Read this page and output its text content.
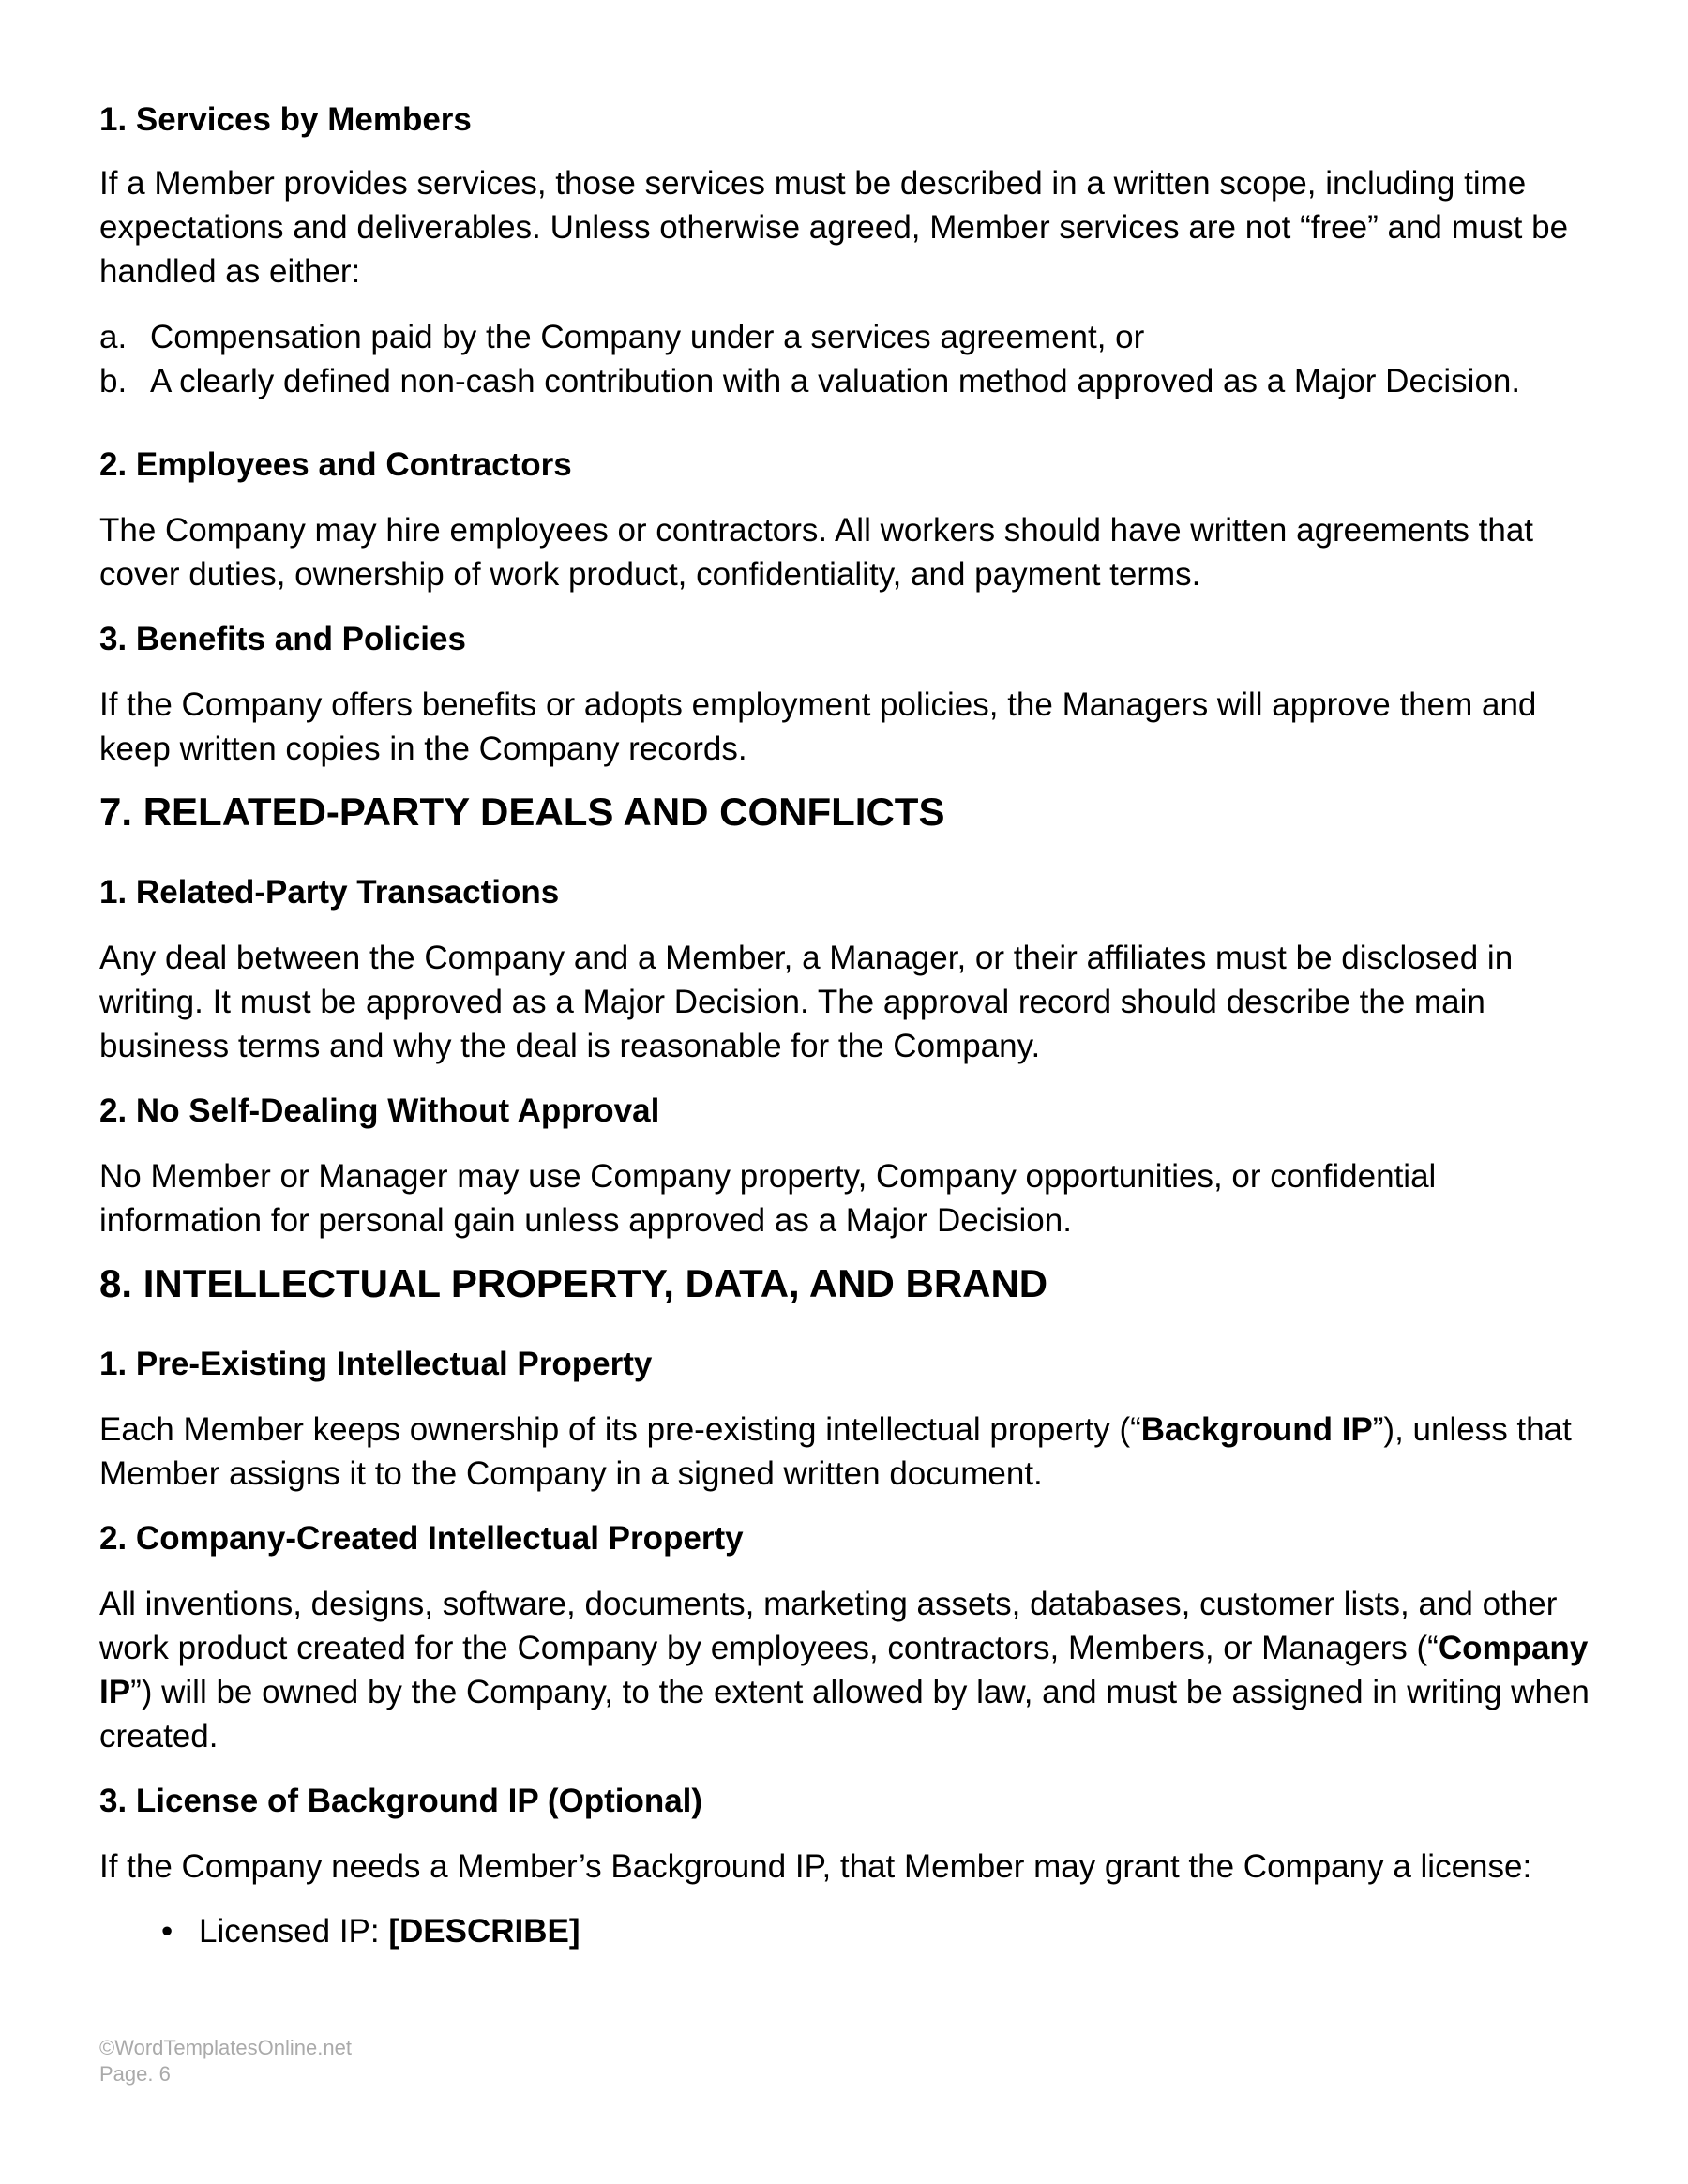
1. Services by Members

If a Member provides services, those services must be described in a written scope, including time expectations and deliverables. Unless otherwise agreed, Member services are not “free” and must be handled as either:

a. Compensation paid by the Company under a services agreement, or
b. A clearly defined non-cash contribution with a valuation method approved as a Major Decision.

2. Employees and Contractors

The Company may hire employees or contractors. All workers should have written agreements that cover duties, ownership of work product, confidentiality, and payment terms.

3. Benefits and Policies

If the Company offers benefits or adopts employment policies, the Managers will approve them and keep written copies in the Company records.

7. RELATED-PARTY DEALS AND CONFLICTS

1. Related-Party Transactions

Any deal between the Company and a Member, a Manager, or their affiliates must be disclosed in writing. It must be approved as a Major Decision. The approval record should describe the main business terms and why the deal is reasonable for the Company.

2. No Self-Dealing Without Approval

No Member or Manager may use Company property, Company opportunities, or confidential information for personal gain unless approved as a Major Decision.

8. INTELLECTUAL PROPERTY, DATA, AND BRAND

1. Pre-Existing Intellectual Property

Each Member keeps ownership of its pre-existing intellectual property (“Background IP”), unless that Member assigns it to the Company in a signed written document.

2. Company-Created Intellectual Property

All inventions, designs, software, documents, marketing assets, databases, customer lists, and other work product created for the Company by employees, contractors, Members, or Managers (“Company IP”) will be owned by the Company, to the extent allowed by law, and must be assigned in writing when created.

3. License of Background IP (Optional)

If the Company needs a Member’s Background IP, that Member may grant the Company a license:

• Licensed IP: [DESCRIBE]

©WordTemplatesOnline.net
Page. 6
